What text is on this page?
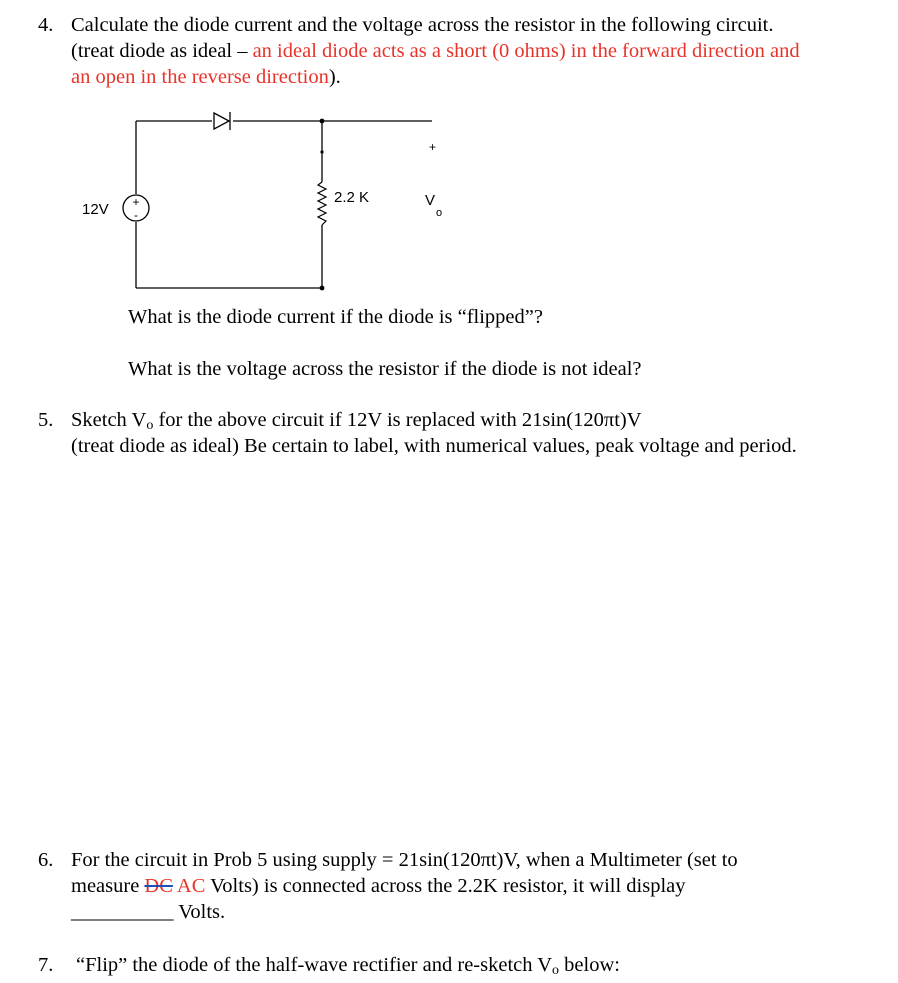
4. Calculate the diode current and the voltage across the resistor in the following circuit.
(treat diode as ideal – an ideal diode acts as a short (0 ohms) in the forward direction and
an open in the reverse direction).
+
-
12V
2.2 K
+
V
o
What is the diode current if the diode is “flipped”?
What is the voltage across the resistor if the diode is not ideal?
5. Sketch $V_o$ for the above circuit if 12V is replaced with 21sin(120πt)V
(treat diode as ideal) Be certain to label, with numerical values, peak voltage and period.
6. For the circuit in Prob 5 using supply = 21sin(120πt)V, when a Multimeter (set to
measure DC AC Volts) is connected across the 2.2K resistor, it will display
__________ Volts.
7. “Flip” the diode of the half-wave rectifier and re-sketch $V_o$ below:
